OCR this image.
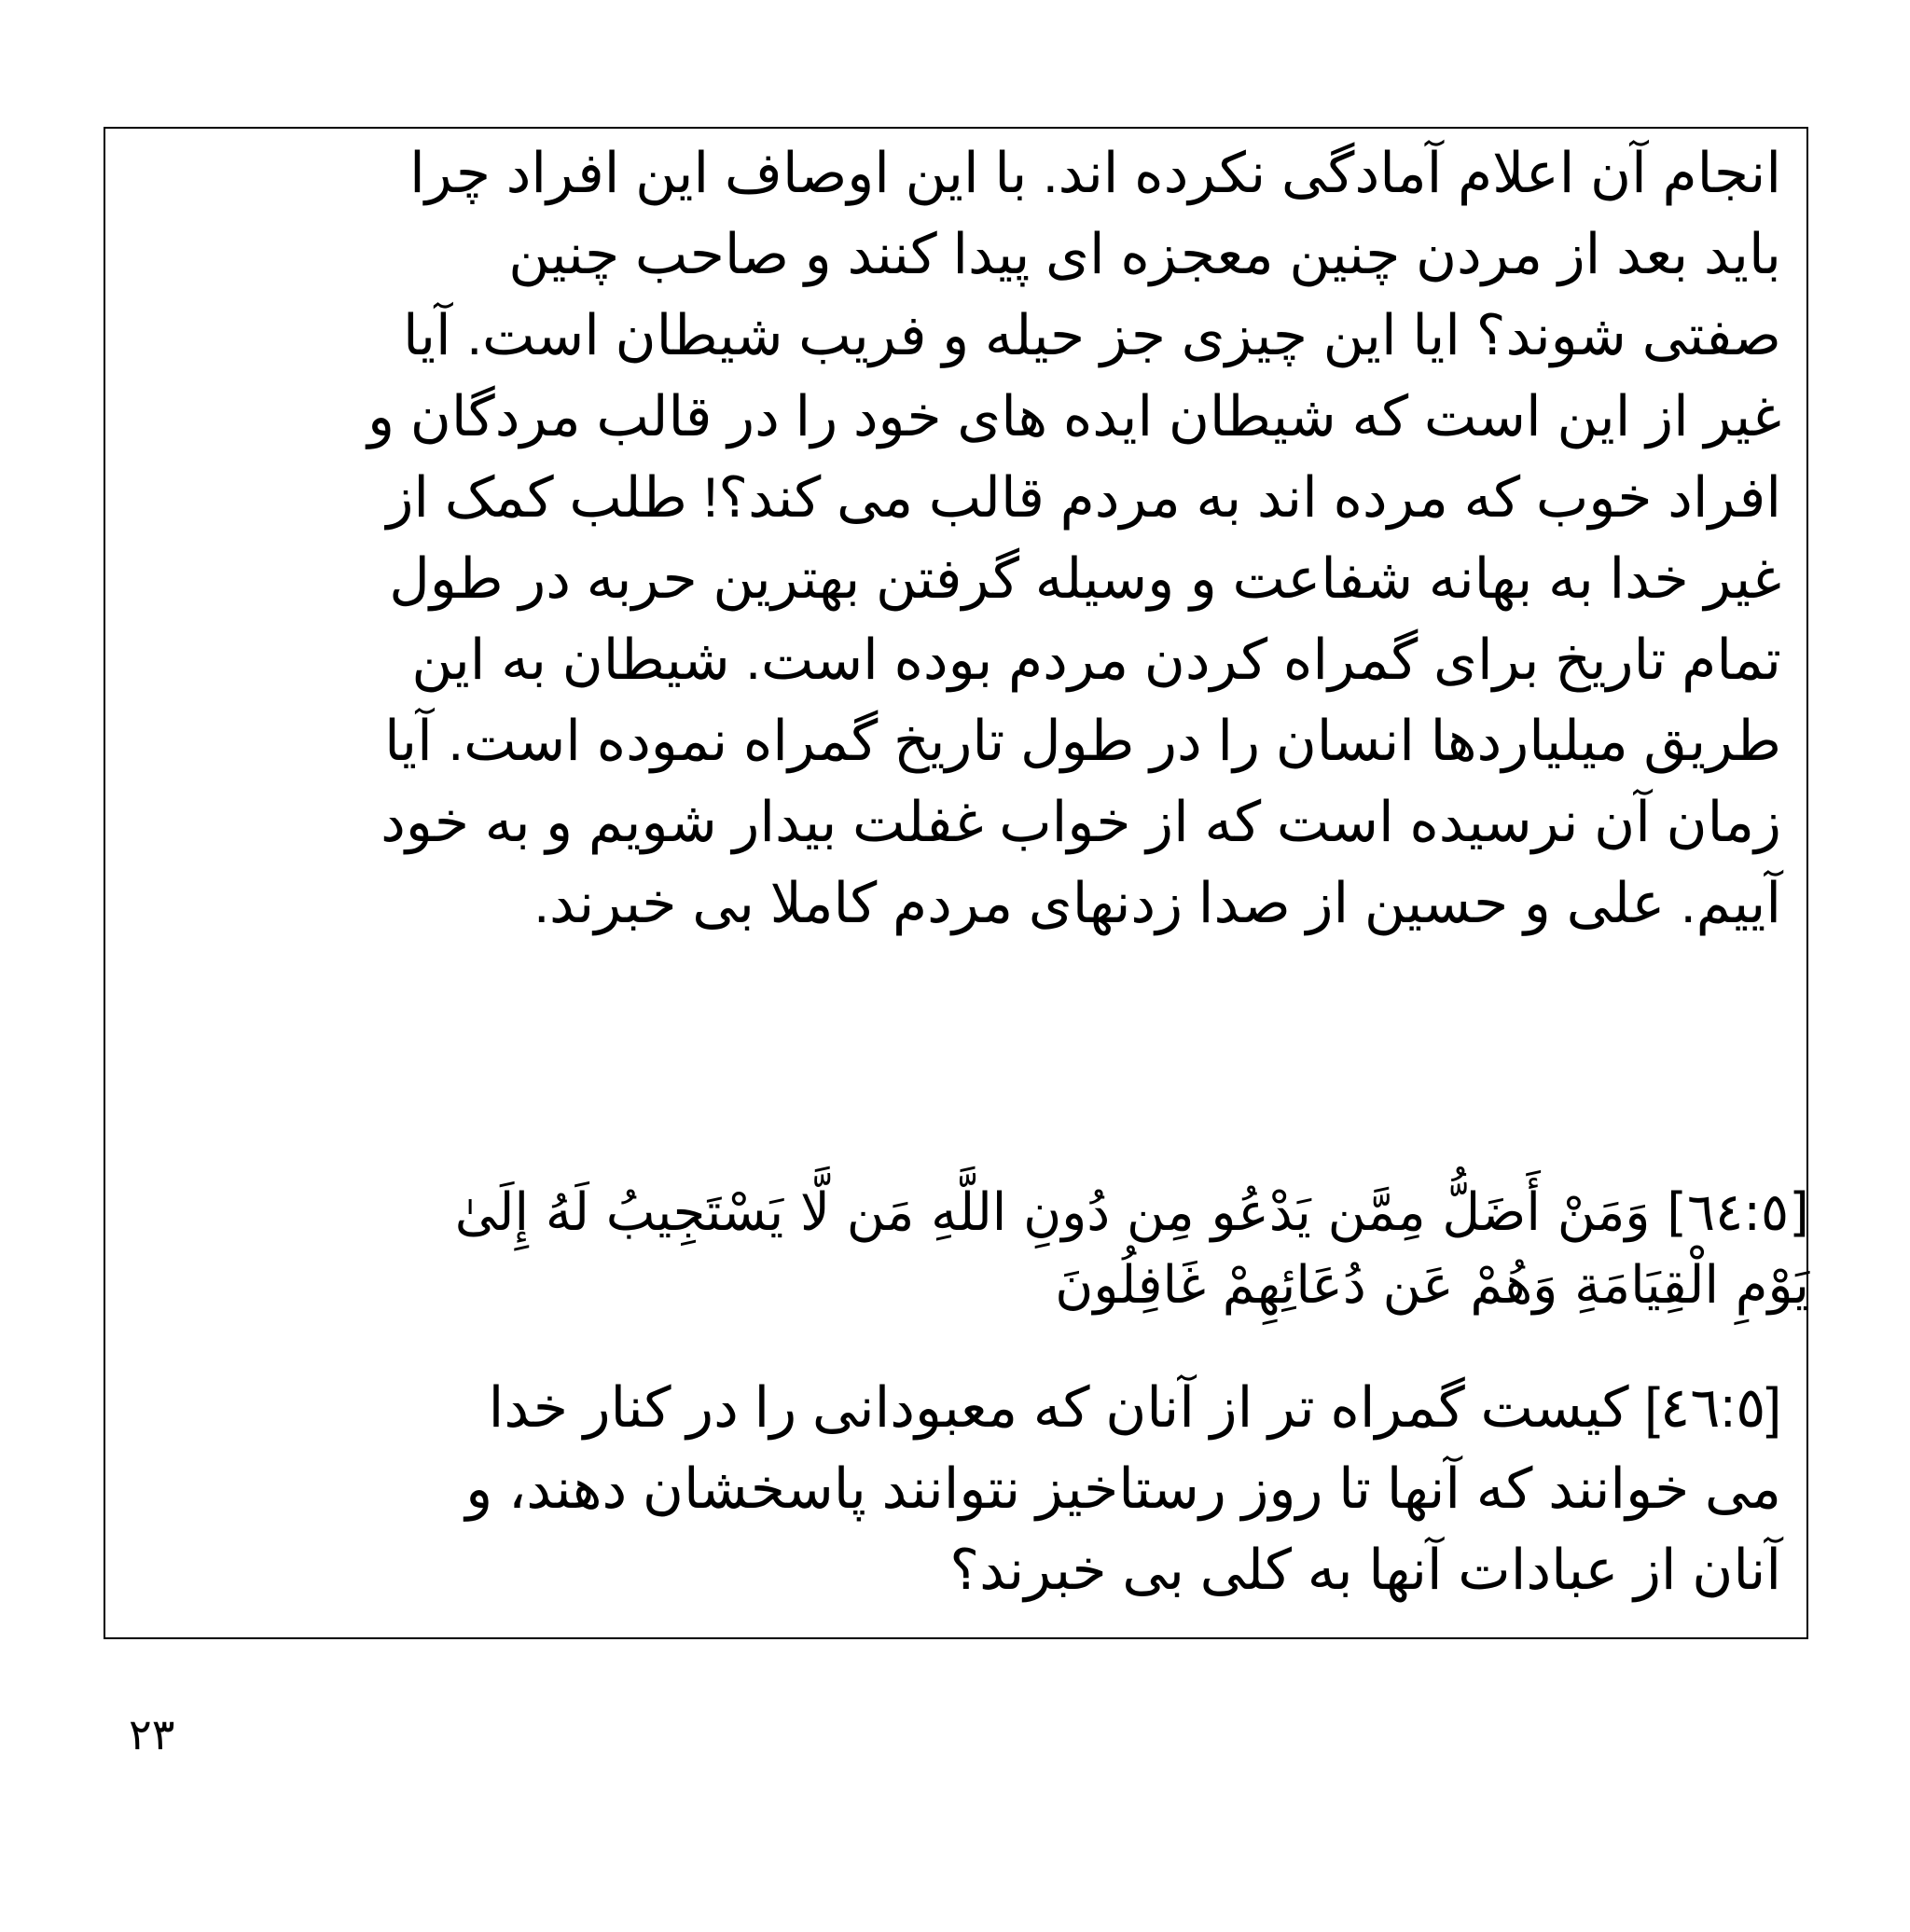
انجام آن اعلام آمادگی نکرده اند. با این اوصاف این افراد چرا
باید بعد از مردن چنین معجزه ای پیدا کنند و صاحب چنین
صفتی شوند؟ ایا این چیزی جز حیله و فریب شیطان است. آیا
غیر از این است که شیطان ایده های خود را در قالب مردگان و
افراد خوب که مرده اند به مردم قالب می کند؟! طلب کمک از
غیر خدا به بهانه شفاعت و وسیله گرفتن بهترین حربه در طول
تمام تاریخ برای گمراه کردن مردم بوده است. شیطان به این
طریق میلیاردها انسان را در طول تاریخ گمراه نموده است. آیا
زمان آن نرسیده است که از خواب غفلت بیدار شویم و به خود
آییم. علی و حسین از صدا زدنهای مردم کاملا بی خبرند.
[٦٤:٥] وَمَنْ أَضَلُّ مِمَّن يَدْعُو مِن دُونِ اللَّهِ مَن لَّا يَسْتَجِيبُ لَهُ إِلَىٰ
يَوْمِ الْقِيَامَةِ وَهُمْ عَن دُعَائِهِمْ غَافِلُونَ
[٤٦:٥] کیست گمراه تر از آنان که معبودانی را در کنار خدا
می خوانند که آنها تا روز رستاخیز نتوانند پاسخشان دهند، و
آنان از عبادات آنها به کلی بی خبرند؟
٢٣
